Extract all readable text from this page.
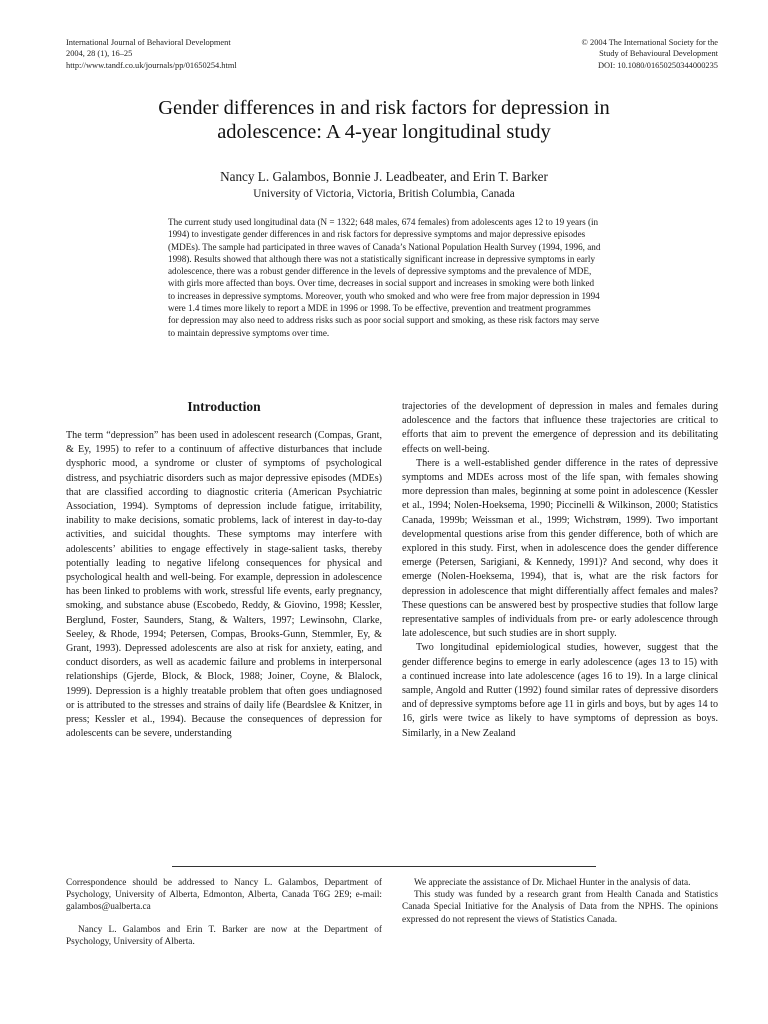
International Journal of Behavioral Development
2004, 28 (1), 16–25
http://www.tandf.co.uk/journals/pp/01650254.html
© 2004 The International Society for the
Study of Behavioural Development
DOI: 10.1080/01650250344000235
Gender differences in and risk factors for depression in
adolescence: A 4-year longitudinal study
Nancy L. Galambos, Bonnie J. Leadbeater, and Erin T. Barker
University of Victoria, Victoria, British Columbia, Canada

The current study used longitudinal data (N = 1322; 648 males, 674 females) from adolescents ages 12 to 19 years (in 1994) to investigate gender differences in and risk factors for depressive symptoms and major depressive episodes (MDEs). The sample had participated in three waves of Canada’s National Population Health Survey (1994, 1996, and 1998). Results showed that although there was not a statistically significant increase in depressive symptoms in early adolescence, there was a robust gender difference in the levels of depressive symptoms and the prevalence of MDE, with girls more affected than boys. Over time, decreases in social support and increases in smoking were both linked to increases in depressive symptoms. Moreover, youth who smoked and who were free from major depression in 1994 were 1.4 times more likely to report a MDE in 1996 or 1998. To be effective, prevention and treatment programmes for depression may also need to address risks such as poor social support and smoking, as these risk factors may serve to maintain depressive symptoms over time.

Introduction

The term “depression” has been used in adolescent research (Compas, Grant, & Ey, 1995) to refer to a continuum of affective disturbances that include dysphoric mood, a syndrome or cluster of symptoms of psychological distress, and psychiatric disorders such as major depressive episodes (MDEs) that are classified according to diagnostic criteria (American Psychiatric Association, 1994). Symptoms of depression include fatigue, irritability, inability to make decisions, somatic problems, lack of interest in day-to-day activities, and suicidal thoughts. These symptoms may interfere with adolescents’ abilities to engage effectively in stage-salient tasks, thereby potentially leading to negative lifelong consequences for physical and psychological health and well-being. For example, depression in adolescence has been linked to problems with work, stressful life events, early pregnancy, smoking, and substance abuse (Escobedo, Reddy, & Giovino, 1998; Kessler, Berglund, Foster, Saunders, Stang, & Walters, 1997; Lewinsohn, Clarke, Seeley, & Rhode, 1994; Petersen, Compas, Brooks-Gunn, Stemmler, Ey, & Grant, 1993). Depressed adolescents are also at risk for anxiety, eating, and conduct disorders, as well as academic failure and problems in interpersonal relationships (Gjerde, Block, & Block, 1988; Joiner, Coyne, & Blalock, 1999). Depression is a highly treatable problem that often goes undiagnosed or is attributed to the stresses and strains of daily life (Beardslee & Knitzer, in press; Kessler et al., 1994). Because the consequences of depression for adolescents can be severe, understanding

trajectories of the development of depression in males and females during adolescence and the factors that influence these trajectories are critical to efforts that aim to prevent the emergence of depression and its debilitating effects on well-being.

There is a well-established gender difference in the rates of depressive symptoms and MDEs across most of the life span, with females showing more depression than males, beginning at some point in adolescence (Kessler et al., 1994; Nolen-Hoeksema, 1990; Piccinelli & Wilkinson, 2000; Statistics Canada, 1999b; Weissman et al., 1999; Wichstrøm, 1999). Two important developmental questions arise from this gender difference, both of which are explored in this study. First, when in adolescence does the gender difference emerge (Petersen, Sarigiani, & Kennedy, 1991)? And second, why does it emerge (Nolen-Hoeksema, 1994), that is, what are the risk factors for depression in adolescence that might differentially affect females and males? These questions can be answered best by prospective studies that follow large representative samples of individuals from pre- or early adolescence through late adolescence, but such studies are in short supply.

Two longitudinal epidemiological studies, however, suggest that the gender difference begins to emerge in early adolescence (ages 13 to 15) with a continued increase into late adolescence (ages 16 to 19). In a large clinical sample, Angold and Rutter (1992) found similar rates of depressive disorders and of depressive symptoms before age 11 in girls and boys, but by ages 14 to 16, girls were twice as likely to have symptoms of depression as boys. Similarly, in a New Zealand

Correspondence should be addressed to Nancy L. Galambos, Department of Psychology, University of Alberta, Edmonton, Alberta, Canada T6G 2E9; e-mail: galambos@ualberta.ca

Nancy L. Galambos and Erin T. Barker are now at the Department of Psychology, University of Alberta.

We appreciate the assistance of Dr. Michael Hunter in the analysis of data.

This study was funded by a research grant from Health Canada and Statistics Canada Special Initiative for the Analysis of Data from the NPHS. The opinions expressed do not represent the views of Statistics Canada.
